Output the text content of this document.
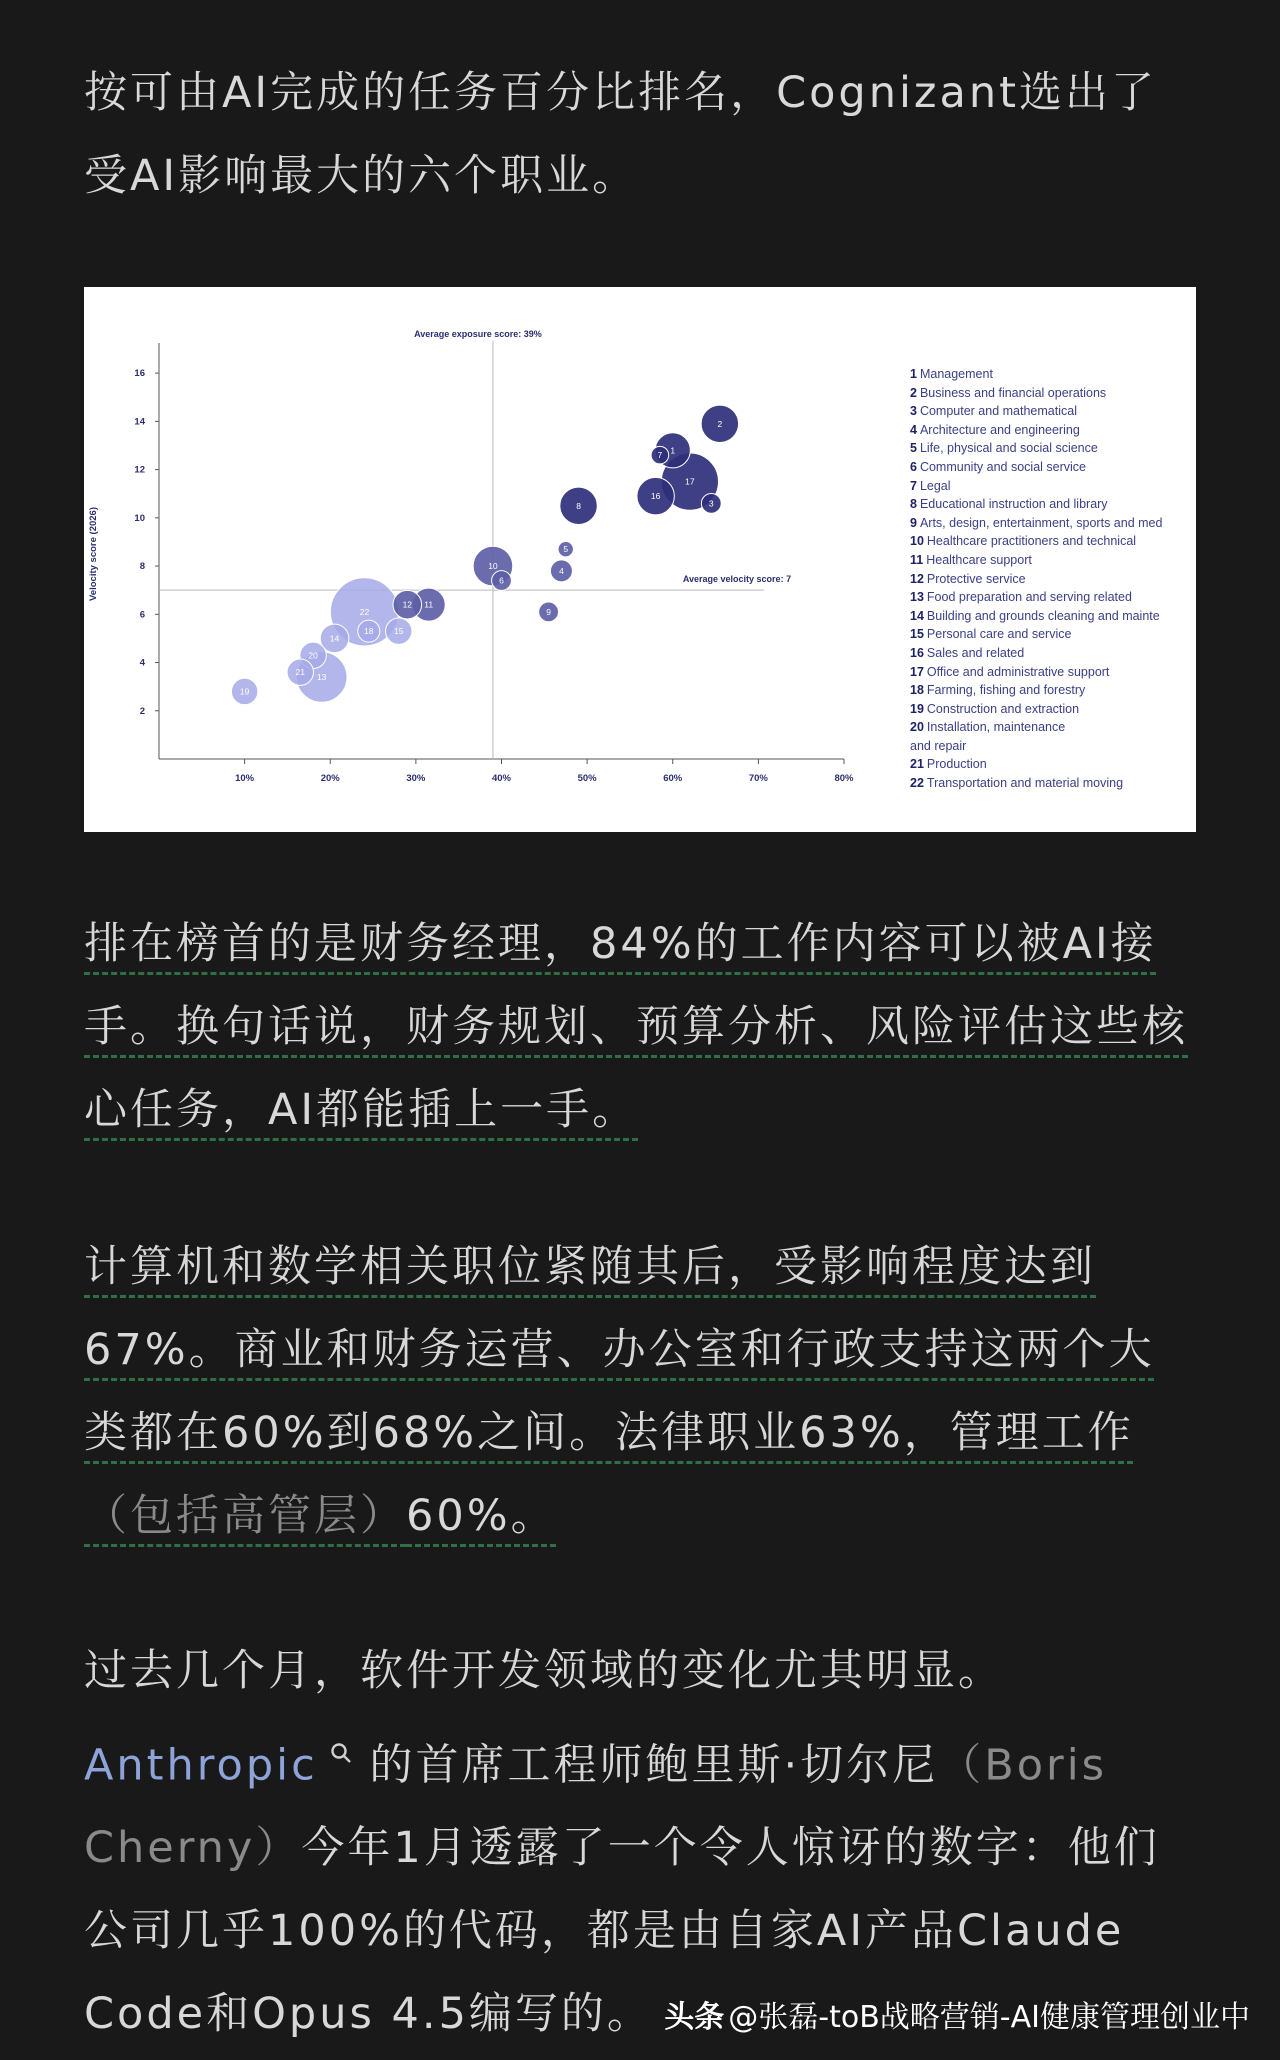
按可由AI完成的任务百分比排名，Cognizant选出了受AI影响最大的六个职业。

10%	20%	30%	40%	50%	60%	70%	80%
2
4
6
8
10
12
14
16
Velocity score (2026)
Average exposure score: 39%
Average velocity score: 7
22
17
13
10
2
8
16
1
11
12
14
15
19
20
21
4
18
3
6
9
7
5
1 Management
2 Business and financial operations
3 Computer and mathematical
4 Architecture and engineering
5 Life, physical and social science
6 Community and social service
7 Legal
8 Educational instruction and library
9 Arts, design, entertainment, sports and med
10 Healthcare practitioners and technical
11 Healthcare support
12 Protective service
13 Food preparation and serving related
14 Building and grounds cleaning and mainte
15 Personal care and service
16 Sales and related
17 Office and administrative support
18 Farming, fishing and forestry
19 Construction and extraction
20 Installation, maintenance
and repair
21 Production
22 Transportation and material moving

排在榜首的是财务经理，84%的工作内容可以被AI接手。换句话说，财务规划、预算分析、风险评估这些核心任务，AI都能插上一手。

计算机和数学相关职位紧随其后，受影响程度达到67%。商业和财务运营、办公室和行政支持这两个大类都在60%到68%之间。法律职业63%，管理工作（包括高管层）60%。

过去几个月，软件开发领域的变化尤其明显。Anthropic 的首席工程师鲍里斯·切尔尼（Boris Cherny）今年1月透露了一个令人惊讶的数字：他们公司几乎100%的代码，都是由自家AI产品Claude Code和Opus 4.5编写的。 头条 @张磊-toB战略营销-AI健康管理创业中
